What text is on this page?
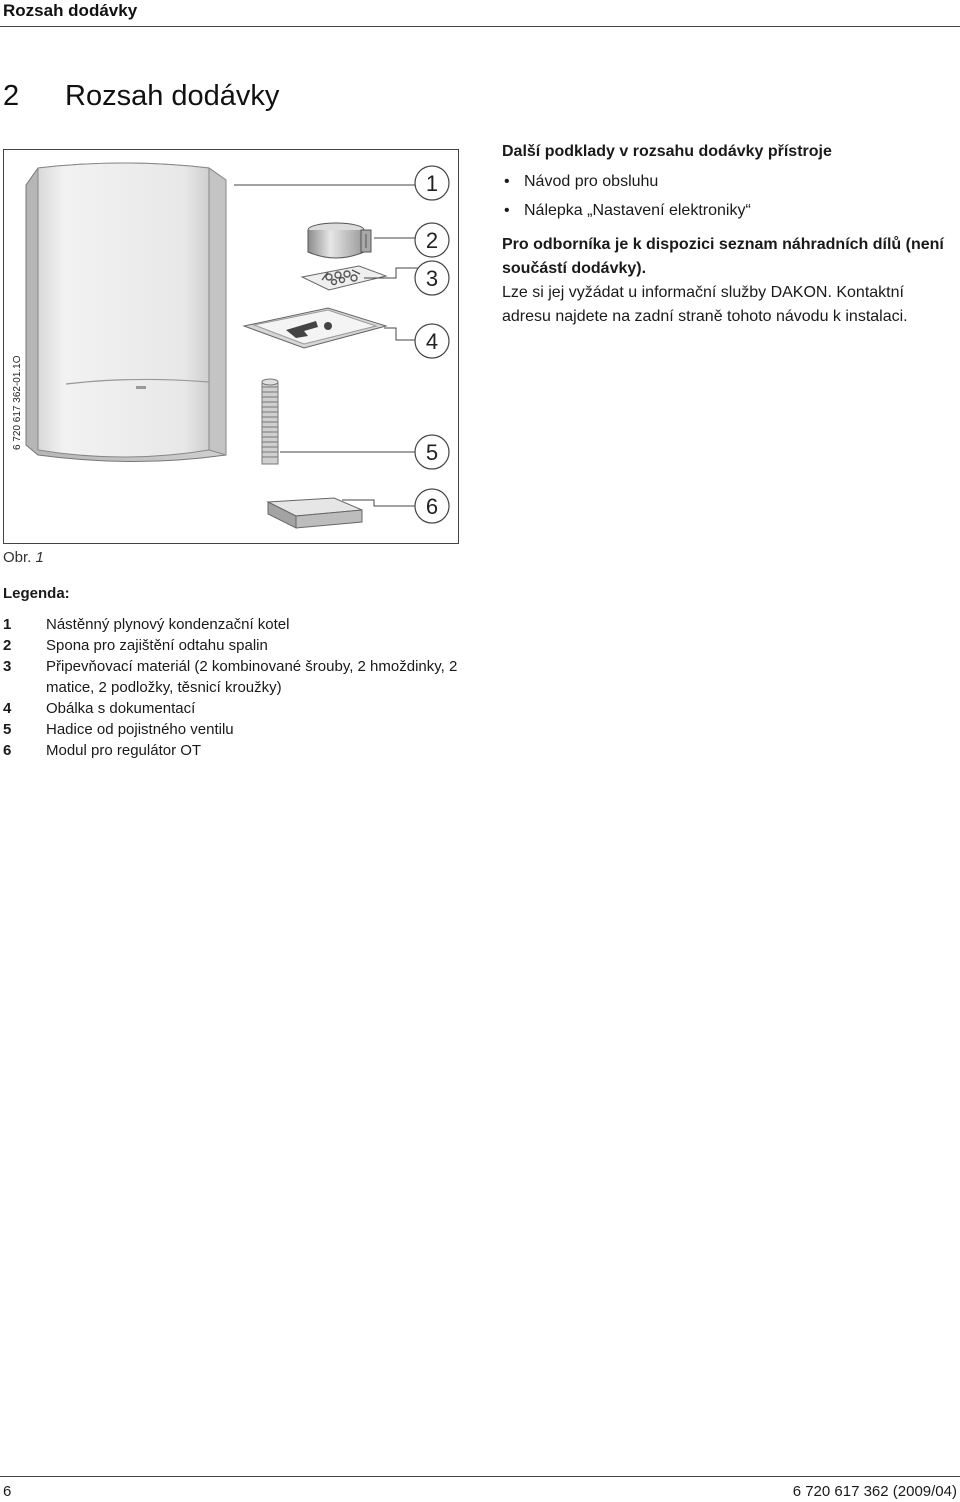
Rozsah dodávky
2 Rozsah dodávky
1
2
3
4
5
6
6 720 617 362-01.1O
Obr. 1
Další podklady v rozsahu dodávky přístroje
• Návod pro obsluhu
• Nálepka „Nastavení elektroniky“

Pro odborníka je k dispozici seznam náhradních dílů (není součástí dodávky).

Lze si jej vyžádat u informační služby DAKON. Kontaktní adresu najdete na zadní straně tohoto návodu k instalaci.

Legenda:
1	Nástěnný plynový kondenzační kotel
2	Spona pro zajištění odtahu spalin
3	Připevňovací materiál (2 kombinované šrouby, 2 hmoždinky, 2 matice, 2 podložky, těsnicí kroužky)
4	Obálka s dokumentací
5	Hadice od pojistného ventilu
6	Modul pro regulátor OT
6	6 720 617 362 (2009/04)
